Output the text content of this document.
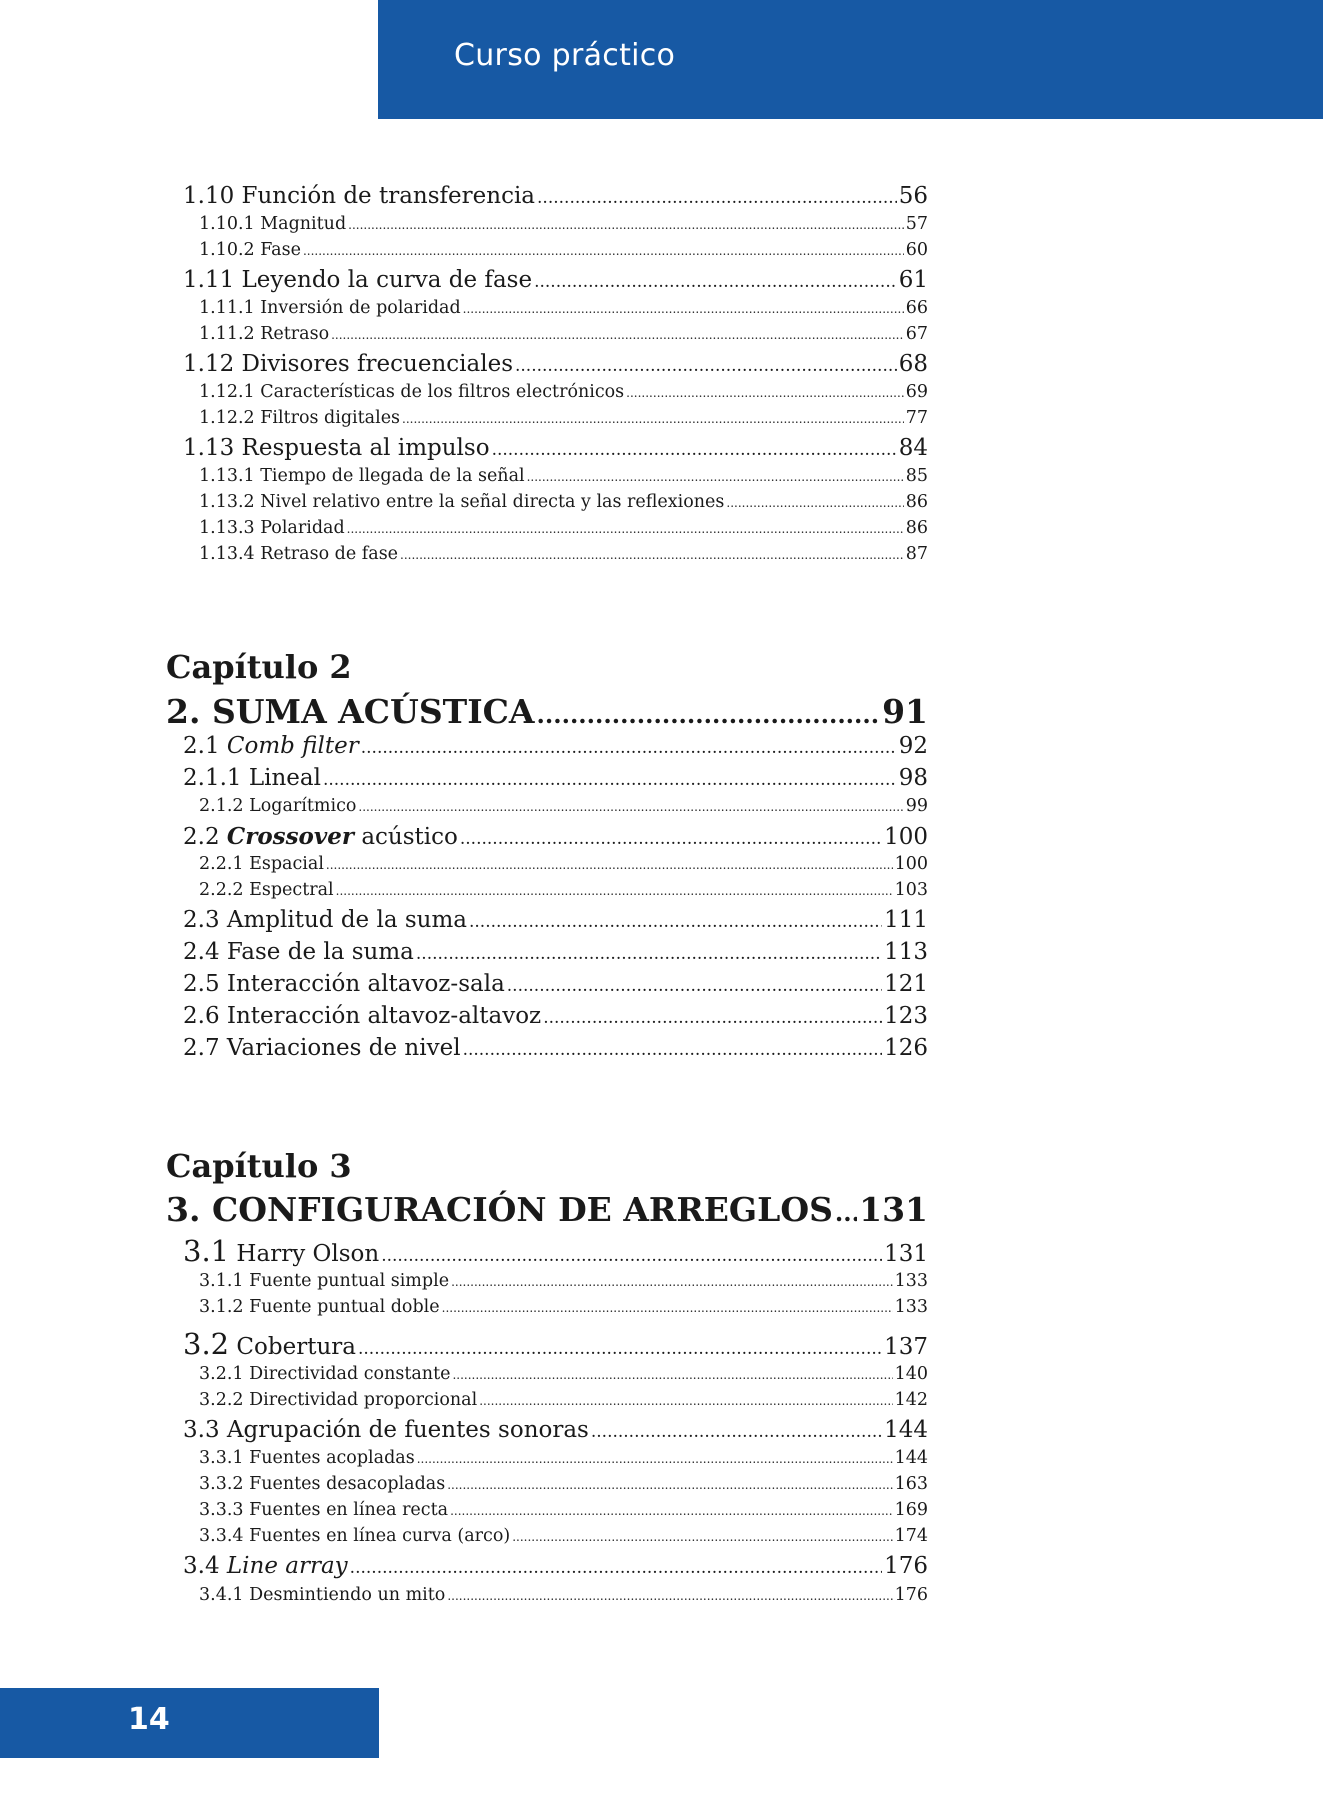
Curso práctico
1.10 Función de transferencia .....	56
1.10.1 Magnitud .....	57
1.10.2 Fase .....	60
1.11 Leyendo la curva de fase .....	61
1.11.1 Inversión de polaridad .....	66
1.11.2 Retraso .....	67
1.12 Divisores frecuenciales .....	68
1.12.1 Características de los filtros electrónicos .....	69
1.12.2 Filtros digitales .....	77
1.13 Respuesta al impulso .....	84
1.13.1 Tiempo de llegada de la señal .....	85
1.13.2 Nivel relativo entre la señal directa y las reflexiones .....	86
1.13.3 Polaridad .....	86
1.13.4 Retraso de fase .....	87
Capítulo 2
2. SUMA ACÚSTICA .....	91
2.1 Comb filter .....	92
2.1.1 Lineal .....	98
2.1.2 Logarítmico .....	99
2.2 Crossover acústico .....	100
2.2.1 Espacial .....	100
2.2.2 Espectral .....	103
2.3 Amplitud de la suma .....	111
2.4 Fase de la suma .....	113
2.5 Interacción altavoz-sala .....	121
2.6 Interacción altavoz-altavoz .....	123
2.7 Variaciones de nivel .....	126
Capítulo 3
3. CONFIGURACIÓN DE ARREGLOS ..... 131
3.1 Harry Olson .....	131
3.1.1 Fuente puntual simple .....	133
3.1.2 Fuente puntual doble .....	133
3.2 Cobertura .....	137
3.2.1 Directividad constante .....	140
3.2.2 Directividad proporcional .....	142
3.3 Agrupación de fuentes sonoras .....	144
3.3.1 Fuentes acopladas .....	144
3.3.2 Fuentes desacopladas .....	163
3.3.3 Fuentes en línea recta .....	169
3.3.4 Fuentes en línea curva (arco) .....	174
3.4 Line array .....	176
3.4.1 Desmintiendo un mito .....	176
14
